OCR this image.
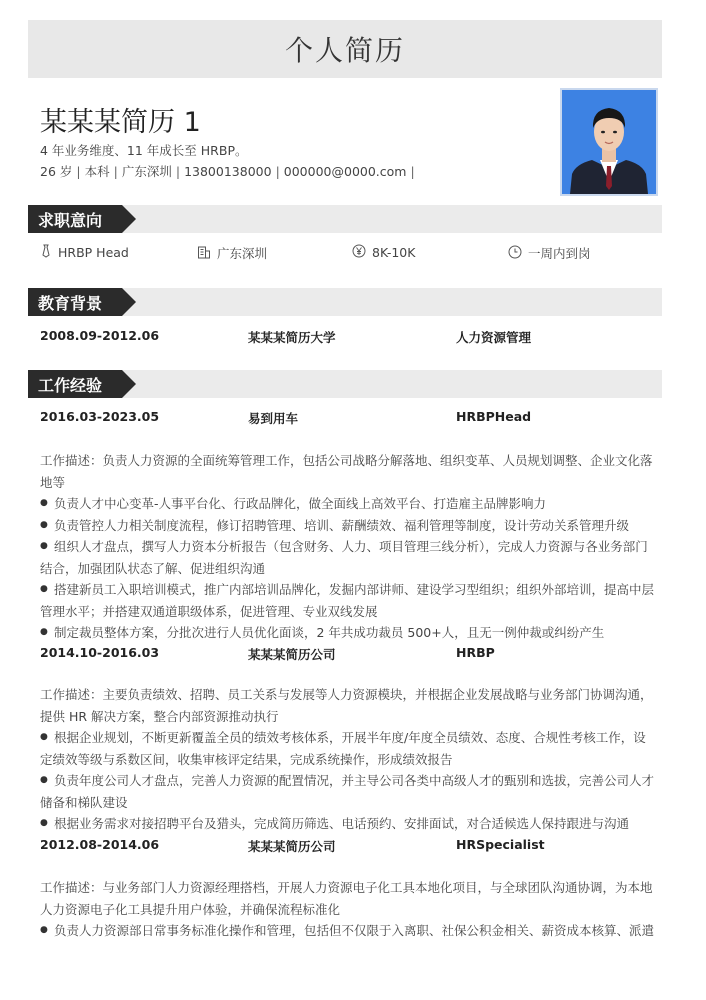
个人简历
某某某简历 1
4 年业务维度、11 年成长至 HRBP。
26 岁 | 本科 | 广东深圳 | 13800138000 | 000000@0000.com |
求职意向
HRBP Head	广东深圳	8K-10K	一周内到岗
教育背景
2008.09-2012.06	某某某简历大学	人力资源管理
工作经验
2016.03-2023.05	易到用车	HRBPHead

工作描述：负责人力资源的全面统筹管理工作，包括公司战略分解落地、组织变革、人员规划调整、企业文化落

地等

● 负责人才中心变革-人事平台化、行政品牌化，做全面线上高效平台、打造雇主品牌影响力

● 负责管控人力相关制度流程，修订招聘管理、培训、薪酬绩效、福利管理等制度，设计劳动关系管理升级

● 组织人才盘点，撰写人力资本分析报告（包含财务、人力、项目管理三线分析），完成人力资源与各业务部门

结合，加强团队状态了解、促进组织沟通

● 搭建新员工入职培训模式，推广内部培训品牌化，发掘内部讲师、建设学习型组织；组织外部培训，提高中层

管理水平；并搭建双通道职级体系，促进管理、专业双线发展

● 制定裁员整体方案，分批次进行人员优化面谈，2 年共成功裁员 500+人，且无一例仲裁或纠纷产生

2014.10-2016.03	某某某简历公司	HRBP

工作描述：主要负责绩效、招聘、员工关系与发展等人力资源模块，并根据企业发展战略与业务部门协调沟通，

提供 HR 解决方案，整合内部资源推动执行

● 根据企业规划，不断更新覆盖全员的绩效考核体系，开展半年度/年度全员绩效、态度、合规性考核工作，设

定绩效等级与系数区间，收集审核评定结果，完成系统操作，形成绩效报告

● 负责年度公司人才盘点，完善人力资源的配置情况，并主导公司各类中高级人才的甄别和选拔，完善公司人才

储备和梯队建设

● 根据业务需求对接招聘平台及猎头，完成简历筛选、电话预约、安排面试，对合适候选人保持跟进与沟通

2012.08-2014.06	某某某简历公司	HRSpecialist

工作描述：与业务部门人力资源经理搭档，开展人力资源电子化工具本地化项目，与全球团队沟通协调，为本地

人力资源电子化工具提升用户体验，并确保流程标准化

● 负责人力资源部日常事务标准化操作和管理，包括但不仅限于入离职、社保公积金相关、薪资成本核算、派遣
